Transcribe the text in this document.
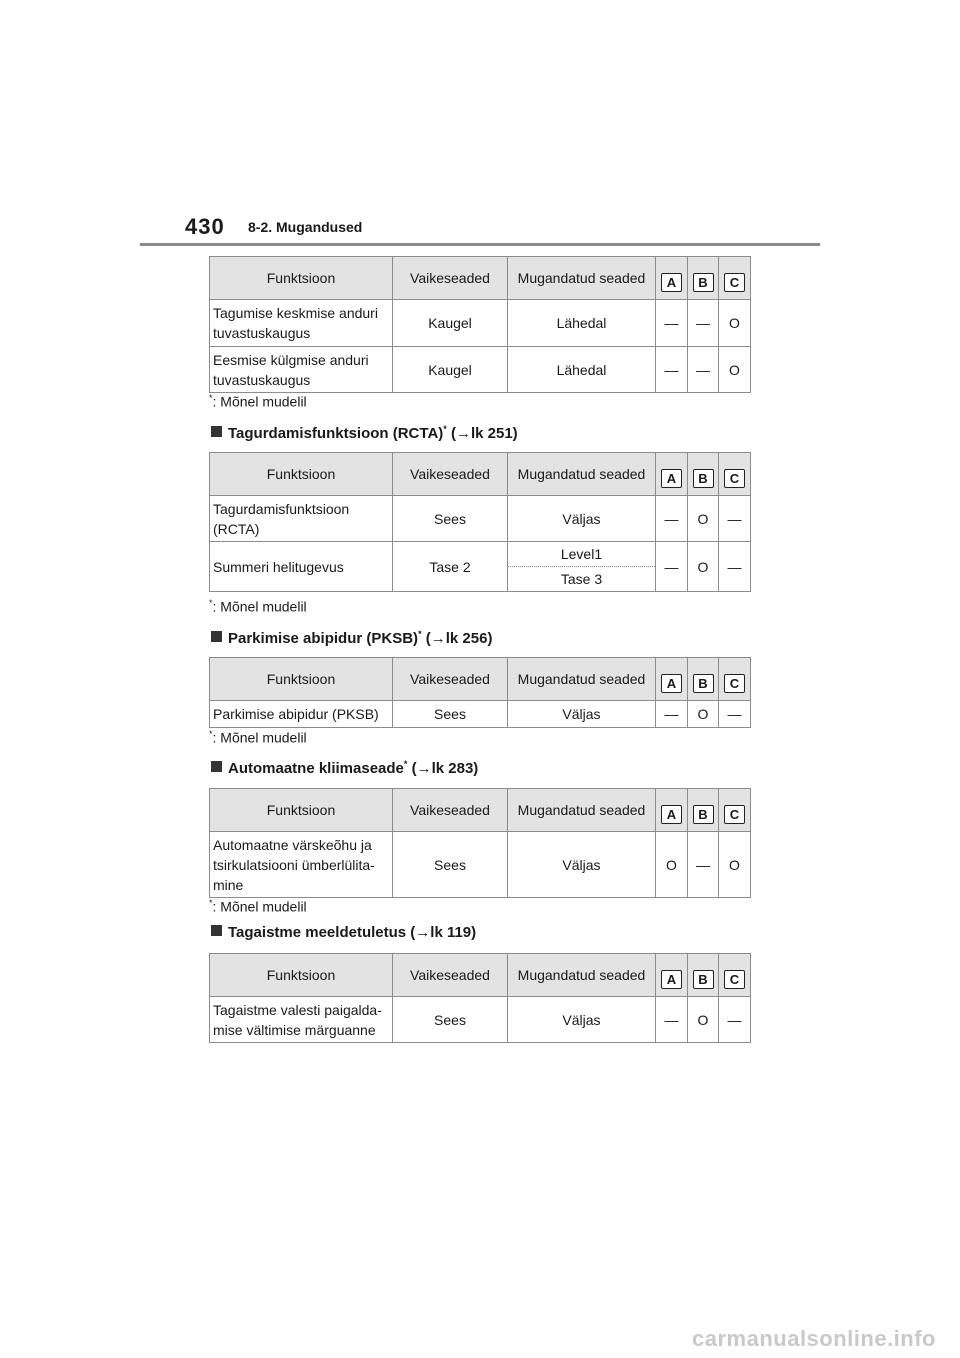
430 8-2. Mugandused
Funktsioon	Vaikeseaded	Mugandatud seaded	A	B	C
Tagumise keskmise anduri tuvastuskaugus	Kaugel	Lähedal	—	—	O
Eesmise külgmise anduri tuvastuskaugus	Kaugel	Lähedal	—	—	O
*: Mõnel mudelil
Tagurdamisfunktsioon (RCTA)* (→lk 251)
Funktsioon	Vaikeseaded	Mugandatud seaded	A	B	C
Tagurdamisfunktsioon (RCTA)	Sees	Väljas	—	O	—
Summeri helitugevus	Tase 2	Level1	—	O	—
		Tase 3			
*: Mõnel mudelil
Parkimise abipidur (PKSB)* (→lk 256)
Funktsioon	Vaikeseaded	Mugandatud seaded	A	B	C
Parkimise abipidur (PKSB)	Sees	Väljas	—	O	—
*: Mõnel mudelil
Automaatne kliimaseade* (→lk 283)
Funktsioon	Vaikeseaded	Mugandatud seaded	A	B	C
Automaatne värskeõhu ja tsirkulatsiooni ümberlülita-mine	Sees	Väljas	O	—	O
*: Mõnel mudelil
Tagaistme meeldetuletus (→lk 119)
Funktsioon	Vaikeseaded	Mugandatud seaded	A	B	C
Tagaistme valesti paigalda-mise vältimise märguanne	Sees	Väljas	—	O	—
carmanualsonline.info
